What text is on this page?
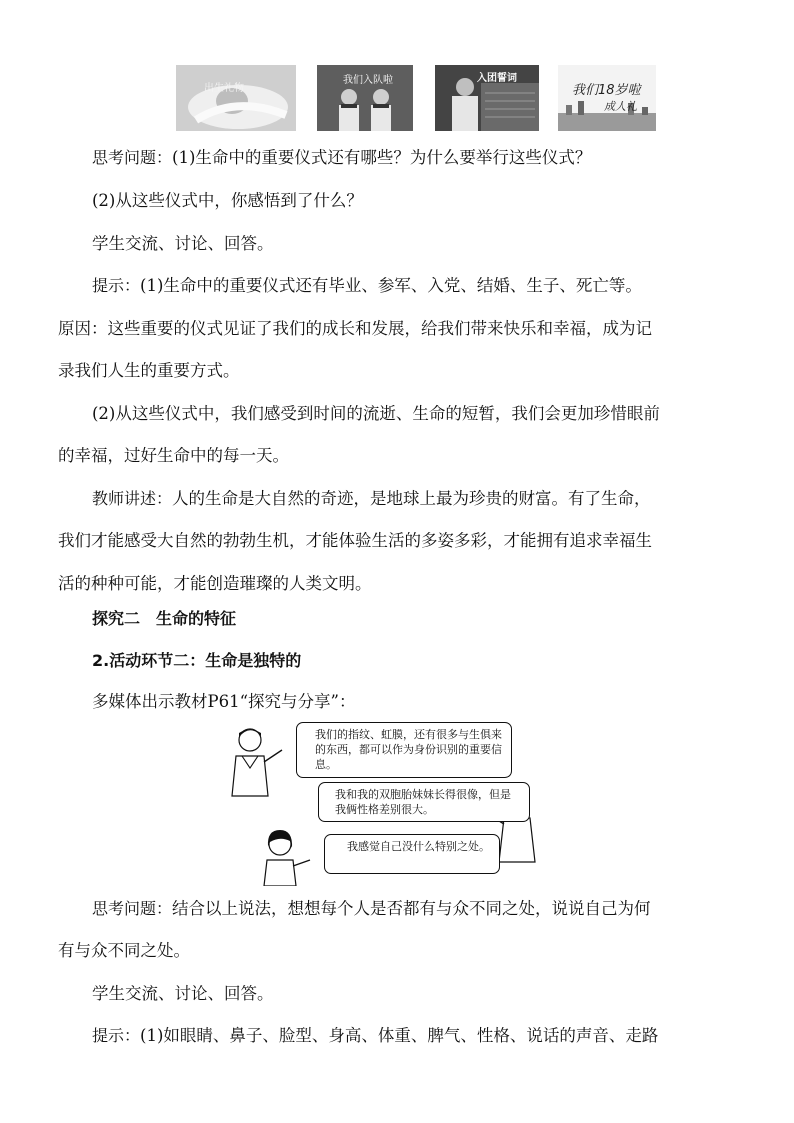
出生礼物
我们入队啦	入团誓词
我们18岁啦
成人礼

思考问题：(1)生命中的重要仪式还有哪些？为什么要举行这些仪式？

(2)从这些仪式中，你感悟到了什么？

学生交流、讨论、回答。

提示：(1)生命中的重要仪式还有毕业、参军、入党、结婚、生子、死亡等。

原因：这些重要的仪式见证了我们的成长和发展，给我们带来快乐和幸福，成为记

录我们人生的重要方式。

(2)从这些仪式中，我们感受到时间的流逝、生命的短暂，我们会更加珍惜眼前

的幸福，过好生命中的每一天。

教师讲述：人的生命是大自然的奇迹，是地球上最为珍贵的财富。有了生命，

我们才能感受大自然的勃勃生机，才能体验生活的多姿多彩，才能拥有追求幸福生

活的种种可能，才能创造璀璨的人类文明。

探究二　生命的特征

2.活动环节二：生命是独特的

多媒体出示教材P61“探究与分享”：

我们的指纹、虹膜，还有很多与生俱来的东西，都可以作为身份识别的重要信息。
我和我的双胞胎妹妹长得很像，但是我俩性格差别很大。
我感觉自己没什么特别之处。

思考问题：结合以上说法，想想每个人是否都有与众不同之处，说说自己为何

有与众不同之处。

学生交流、讨论、回答。

提示：(1)如眼睛、鼻子、脸型、身高、体重、脾气、性格、说话的声音、走路
